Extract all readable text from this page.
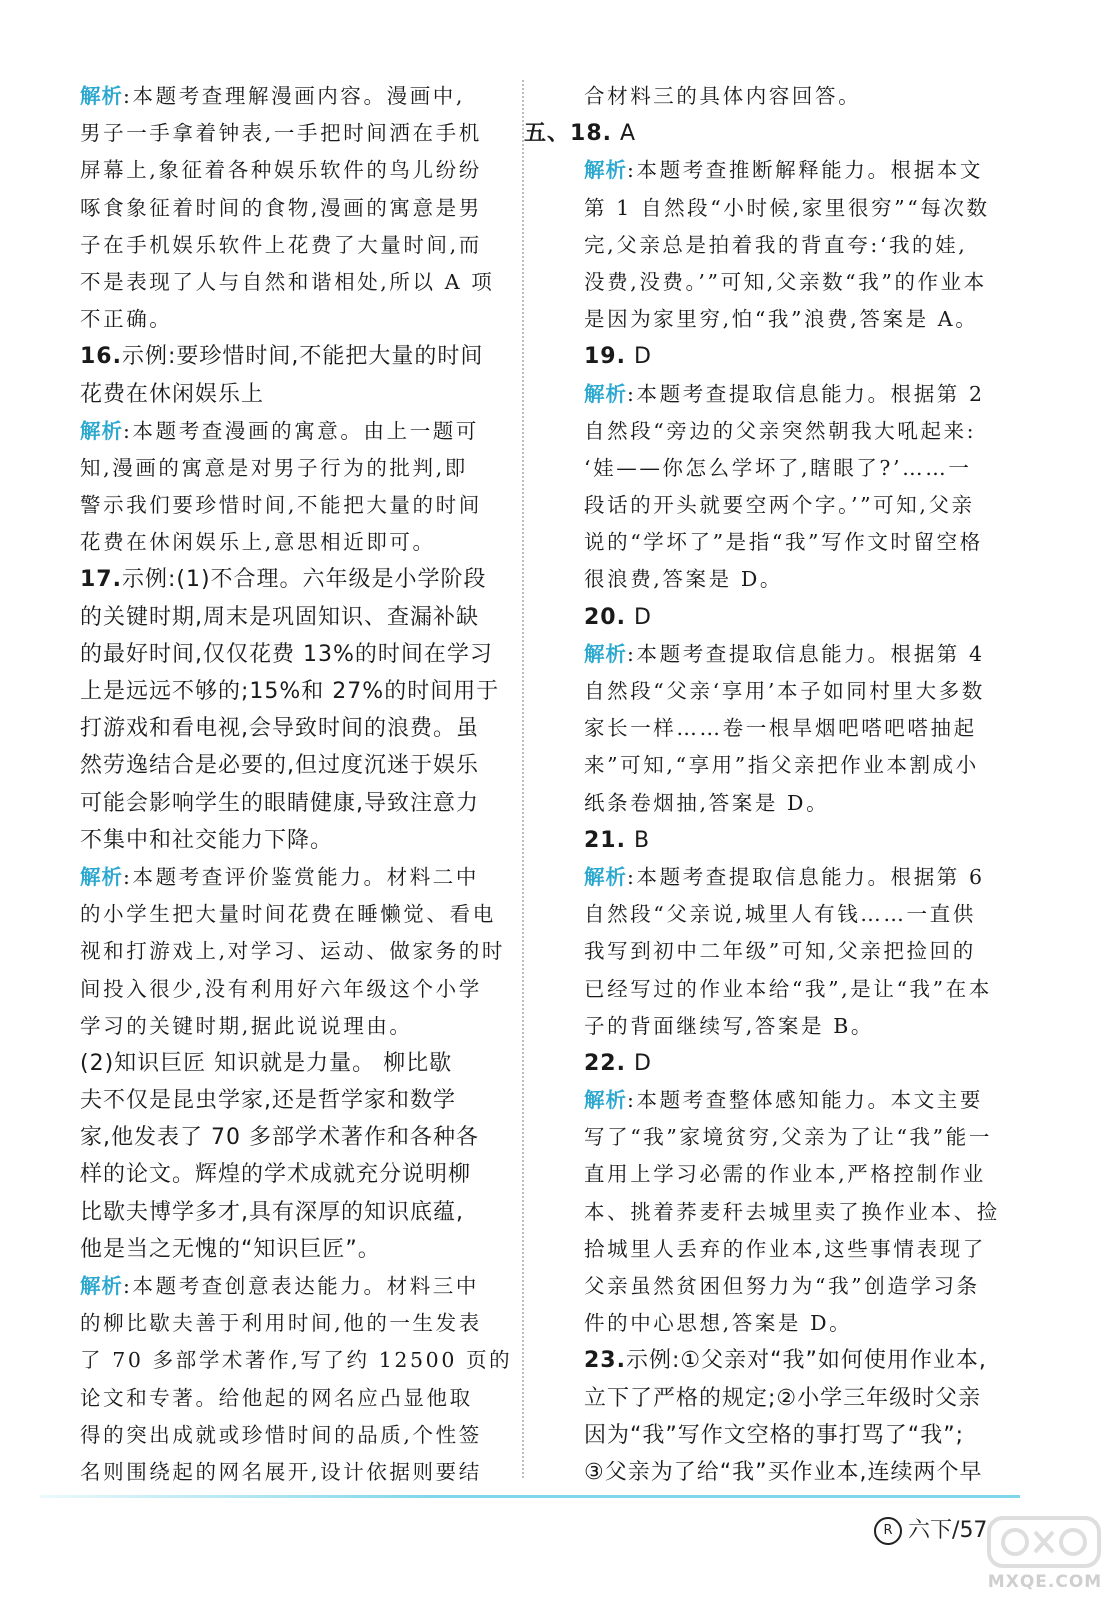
解析:本题考查理解漫画内容。漫画中,
男子一手拿着钟表,一手把时间洒在手机
屏幕上,象征着各种娱乐软件的鸟儿纷纷
啄食象征着时间的食物,漫画的寓意是男
子在手机娱乐软件上花费了大量时间,而
不是表现了人与自然和谐相处,所以 A 项
不正确。
16.示例:要珍惜时间,不能把大量的时间
花费在休闲娱乐上
解析:本题考查漫画的寓意。由上一题可
知,漫画的寓意是对男子行为的批判,即
警示我们要珍惜时间,不能把大量的时间
花费在休闲娱乐上,意思相近即可。
17.示例:(1)不合理。六年级是小学阶段
的关键时期,周末是巩固知识、查漏补缺
的最好时间,仅仅花费 13%的时间在学习
上是远远不够的;15%和 27%的时间用于
打游戏和看电视,会导致时间的浪费。虽
然劳逸结合是必要的,但过度沉迷于娱乐
可能会影响学生的眼睛健康,导致注意力
不集中和社交能力下降。
解析:本题考查评价鉴赏能力。材料二中
的小学生把大量时间花费在睡懒觉、看电
视和打游戏上,对学习、运动、做家务的时
间投入很少,没有利用好六年级这个小学
学习的关键时期,据此说说理由。
(2)知识巨匠 知识就是力量。 柳比歇
夫不仅是昆虫学家,还是哲学家和数学
家,他发表了 70 多部学术著作和各种各
样的论文。辉煌的学术成就充分说明柳
比歇夫博学多才,具有深厚的知识底蕴,
他是当之无愧的“知识巨匠”。
解析:本题考查创意表达能力。材料三中
的柳比歇夫善于利用时间,他的一生发表
了 70 多部学术著作,写了约 12500 页的
论文和专著。给他起的网名应凸显他取
得的突出成就或珍惜时间的品质,个性签
名则围绕起的网名展开,设计依据则要结
合材料三的具体内容回答。
五、18. A
解析:本题考查推断解释能力。根据本文
第 1 自然段“小时候,家里很穷”“每次数
完,父亲总是拍着我的背直夸:‘我的娃,
没费,没费。’”可知,父亲数“我”的作业本
是因为家里穷,怕“我”浪费,答案是 A。
19. D
解析:本题考查提取信息能力。根据第 2
自然段“旁边的父亲突然朝我大吼起来:
‘娃——你怎么学坏了,瞎眼了?’……一
段话的开头就要空两个字。’”可知,父亲
说的“学坏了”是指“我”写作文时留空格
很浪费,答案是 D。
20. D
解析:本题考查提取信息能力。根据第 4
自然段“父亲‘享用’本子如同村里大多数
家长一样……卷一根旱烟吧嗒吧嗒抽起
来”可知,“享用”指父亲把作业本割成小
纸条卷烟抽,答案是 D。
21. B
解析:本题考查提取信息能力。根据第 6
自然段“父亲说,城里人有钱……一直供
我写到初中二年级”可知,父亲把捡回的
已经写过的作业本给“我”,是让“我”在本
子的背面继续写,答案是 B。
22. D
解析:本题考查整体感知能力。本文主要
写了“我”家境贫穷,父亲为了让“我”能一
直用上学习必需的作业本,严格控制作业
本、挑着荞麦秆去城里卖了换作业本、捡
拾城里人丢弃的作业本,这些事情表现了
父亲虽然贫困但努力为“我”创造学习条
件的中心思想,答案是 D。
23.示例:①父亲对“我”如何使用作业本,
立下了严格的规定;②小学三年级时父亲
因为“我”写作文空格的事打骂了“我”;
③父亲为了给“我”买作业本,连续两个早
R 六下/57
MXQE.COM
